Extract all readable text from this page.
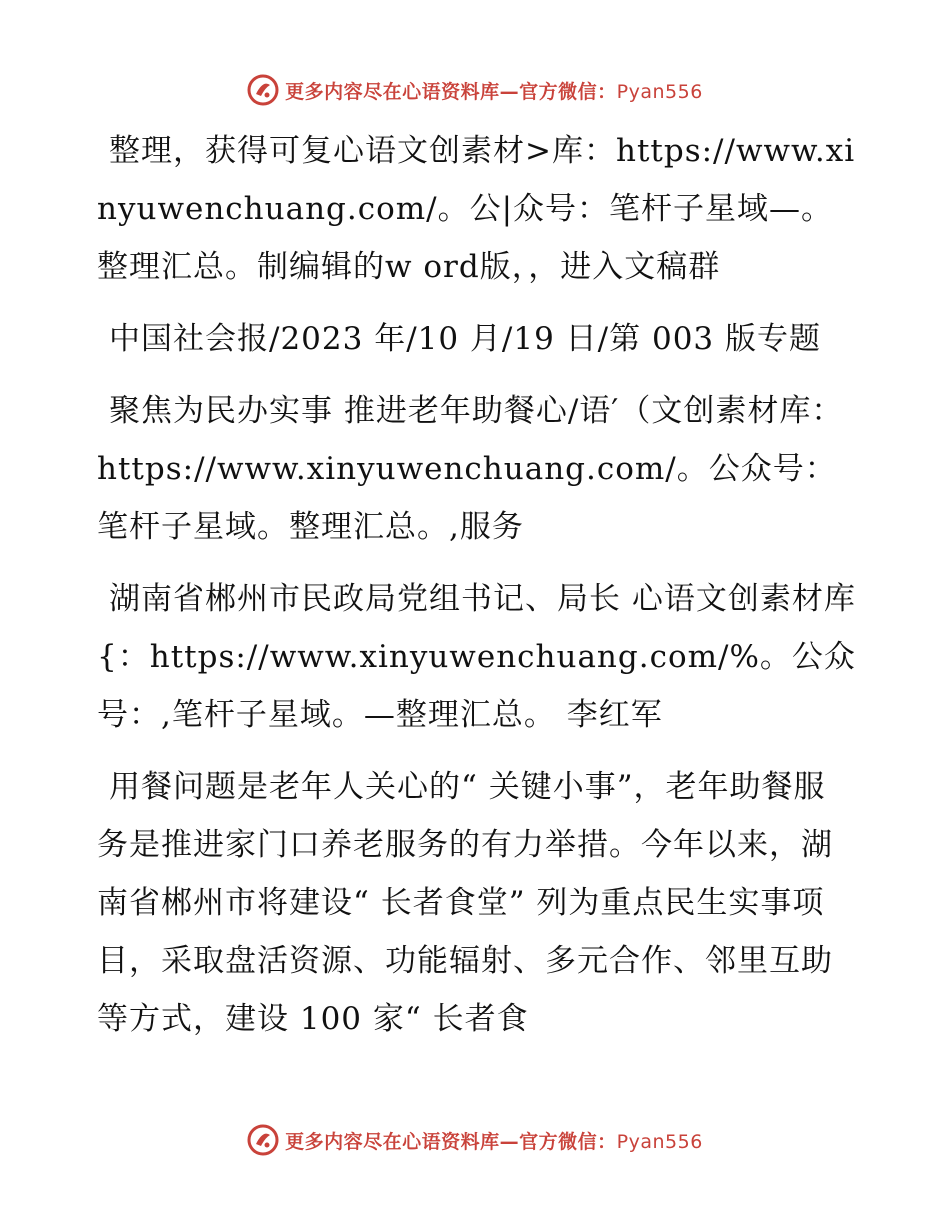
更多内容尽在心语资料库—官方微信：Pyan556

整理，获得可复心语文创素材>库：https://www.xinyuwenchuang.com/。公|众号：笔杆子星域—。整理汇总。制编辑的w ord版，，进入文稿群

中国社会报/2023 年/10 月/19 日/第 003 版专题

聚焦为民办实事 推进老年助餐心/语′（文创素材库：https://www.xinyuwenchuang.com/。公众号：笔杆子星域。整理汇总。,服务

湖南省郴州市民政局党组书记、局长 心语文创素材库{：https://www.xinyuwenchuang.com/%。公众号：,笔杆子星域。—整理汇总。 李红军

用餐问题是老年人关心的“ 关键小事”，老年助餐服务是推进家门口养老服务的有力举措。今年以来，湖南省郴州市将建设“ 长者食堂” 列为重点民生实事项目，采取盘活资源、功能辐射、多元合作、邻里互助等方式，建设 100 家“ 长者食

更多内容尽在心语资料库—官方微信：Pyan556
